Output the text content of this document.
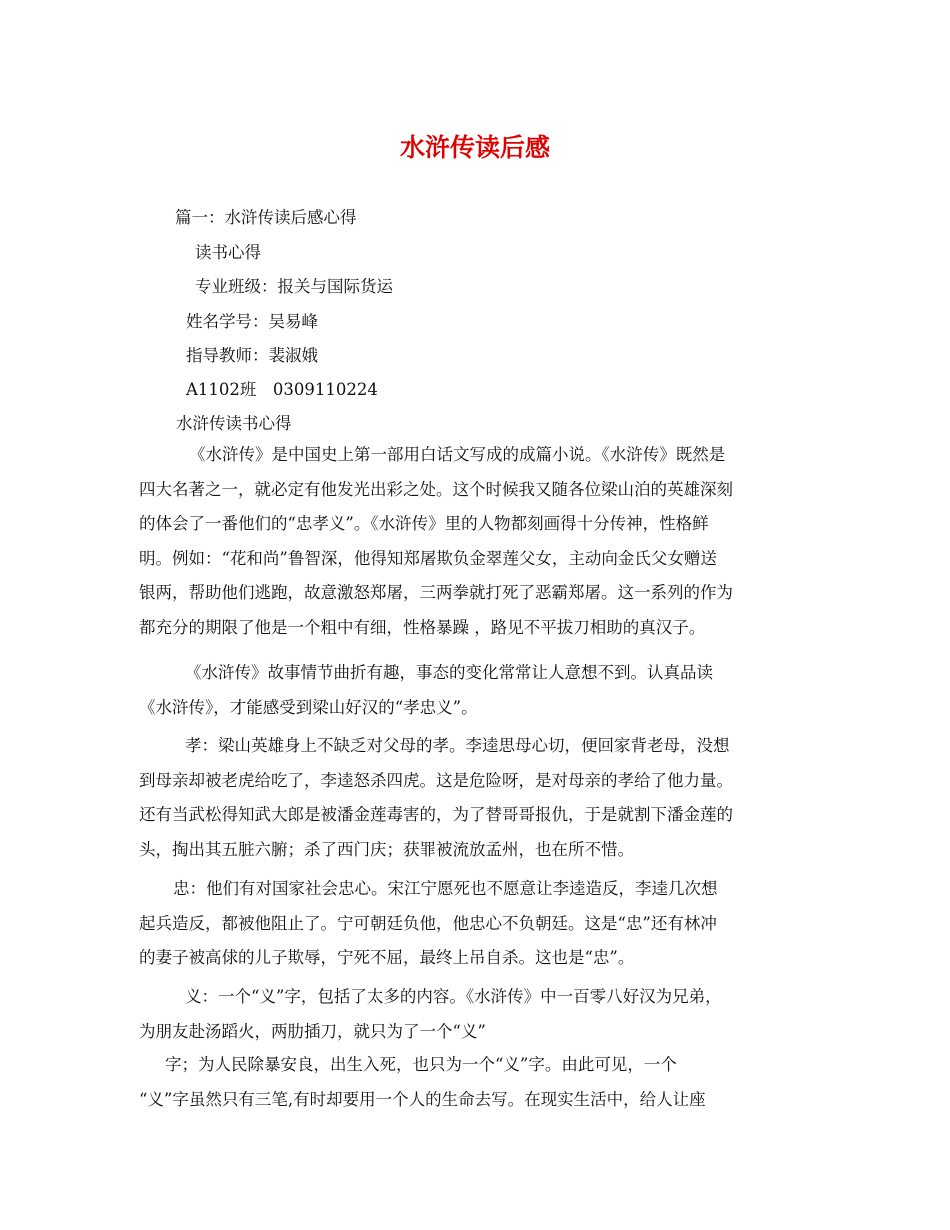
水浒传读后感

篇一：水浒传读后感心得

读书心得

专业班级：报关与国际货运

姓名学号：吴易峰

指导教师：裴淑娥

A1102班　0309110224

水浒传读书心得

《水浒传》是中国史上第一部用白话文写成的成篇小说。《水浒传》既然是
四大名著之一，就必定有他发光出彩之处。这个时候我又随各位梁山泊的英雄深刻
的体会了一番他们的“忠孝义”。《水浒传》里的人物都刻画得十分传神，性格鲜
明。例如：“花和尚”鲁智深，他得知郑屠欺负金翠莲父女，主动向金氏父女赠送
银两，帮助他们逃跑，故意激怒郑屠，三两拳就打死了恶霸郑屠。这一系列的作为
都充分的期限了他是一个粗中有细，性格暴躁 ，路见不平拔刀相助的真汉子。
《水浒传》故事情节曲折有趣，事态的变化常常让人意想不到。认真品读
《水浒传》，才能感受到梁山好汉的“孝忠义”。
孝：梁山英雄身上不缺乏对父母的孝。李逵思母心切，便回家背老母，没想
到母亲却被老虎给吃了，李逵怒杀四虎。这是危险呀，是对母亲的孝给了他力量。
还有当武松得知武大郎是被潘金莲毒害的，为了替哥哥报仇，于是就割下潘金莲的
头，掏出其五脏六腑；杀了西门庆；获罪被流放孟州，也在所不惜。
忠：他们有对国家社会忠心。宋江宁愿死也不愿意让李逵造反，李逵几次想
起兵造反，都被他阻止了。宁可朝廷负他，他忠心不负朝廷。这是“忠”还有林冲
的妻子被高俅的儿子欺辱，宁死不屈，最终上吊自杀。这也是“忠”。
义：一个“义”字，包括了太多的内容。《水浒传》中一百零八好汉为兄弟，
为朋友赴汤蹈火，两肋插刀，就只为了一个“义”
字；为人民除暴安良，出生入死，也只为一个“义”字。由此可见，一个
“义”字虽然只有三笔,有时却要用一个人的生命去写。在现实生活中，给人让座
